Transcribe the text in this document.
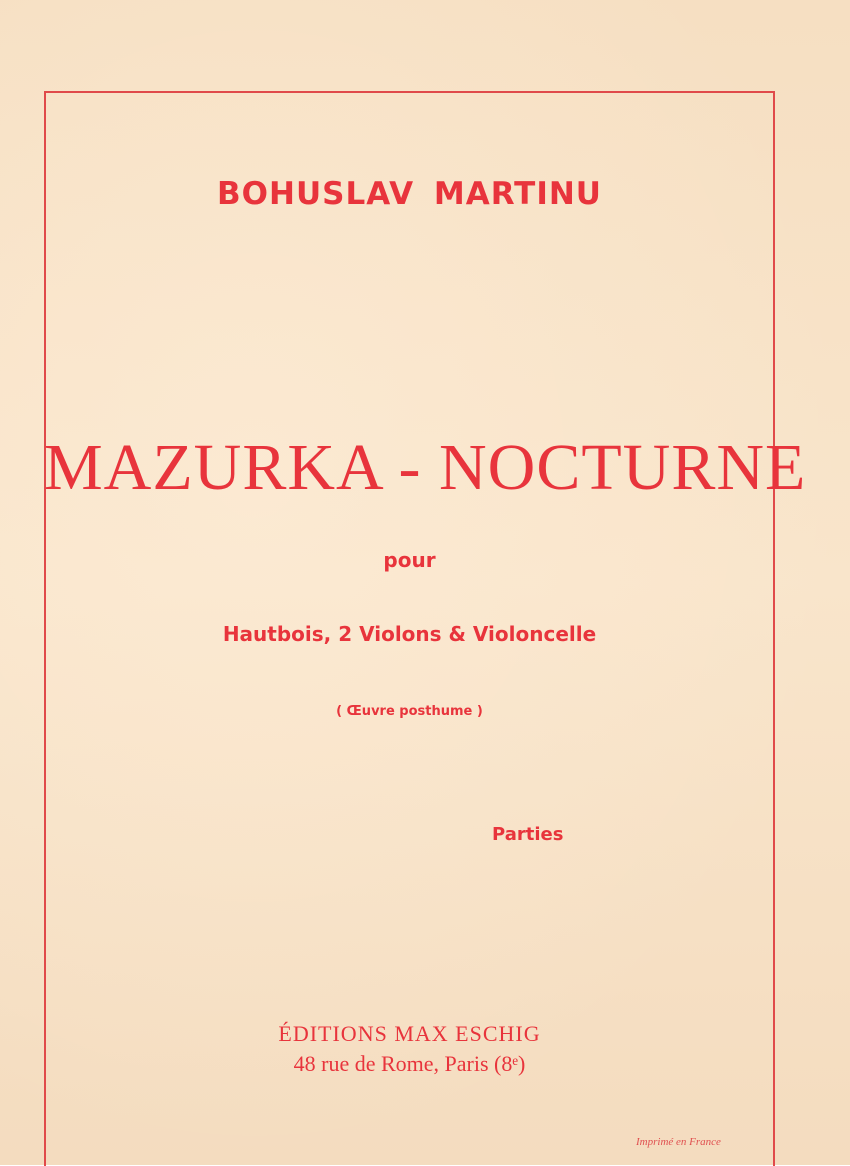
BOHUSLAV MARTINU
MAZURKA - NOCTURNE
pour
Hautbois, 2 Violons & Violoncelle
( Œuvre posthume )
Parties
ÉDITIONS MAX ESCHIG
48 rue de Rome, Paris (8ᵉ)
Imprimé en France
